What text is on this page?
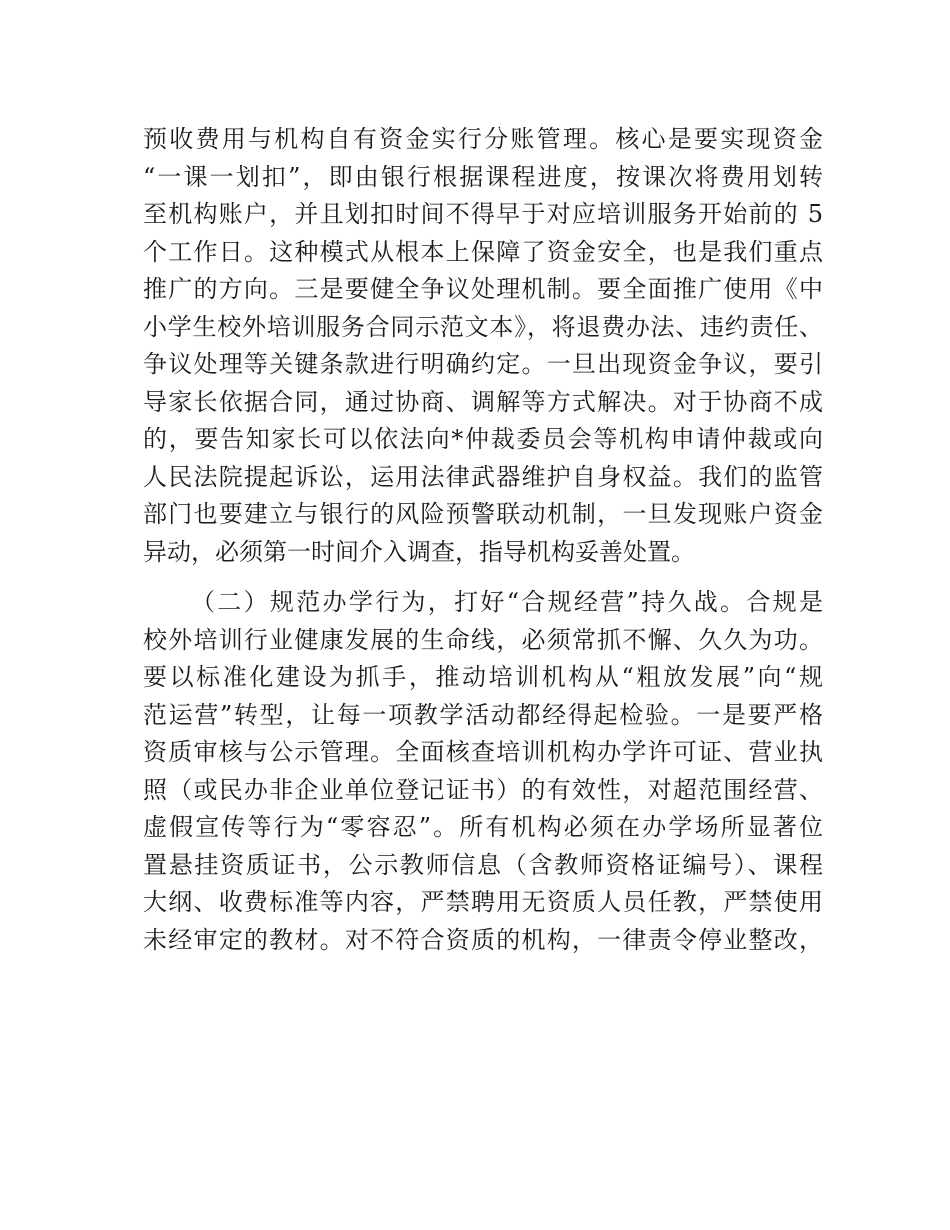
预收费用与机构自有资金实行分账管理。核心是要实现资金
“一课一划扣”，即由银行根据课程进度，按课次将费用划转
至机构账户，并且划扣时间不得早于对应培训服务开始前的 5
个工作日。这种模式从根本上保障了资金安全，也是我们重点
推广的方向。三是要健全争议处理机制。要全面推广使用《中
小学生校外培训服务合同示范文本》，将退费办法、违约责任、
争议处理等关键条款进行明确约定。一旦出现资金争议，要引
导家长依据合同，通过协商、调解等方式解决。对于协商不成
的，要告知家长可以依法向*仲裁委员会等机构申请仲裁或向
人民法院提起诉讼，运用法律武器维护自身权益。我们的监管
部门也要建立与银行的风险预警联动机制，一旦发现账户资金
异动，必须第一时间介入调查，指导机构妥善处置。
（二）规范办学行为，打好“合规经营”持久战。合规是
校外培训行业健康发展的生命线，必须常抓不懈、久久为功。
要以标准化建设为抓手，推动培训机构从“粗放发展”向“规
范运营”转型，让每一项教学活动都经得起检验。一是要严格
资质审核与公示管理。全面核查培训机构办学许可证、营业执
照（或民办非企业单位登记证书）的有效性，对超范围经营、
虚假宣传等行为“零容忍”。所有机构必须在办学场所显著位
置悬挂资质证书，公示教师信息（含教师资格证编号）、课程
大纲、收费标准等内容，严禁聘用无资质人员任教，严禁使用
未经审定的教材。对不符合资质的机构，一律责令停业整改，
